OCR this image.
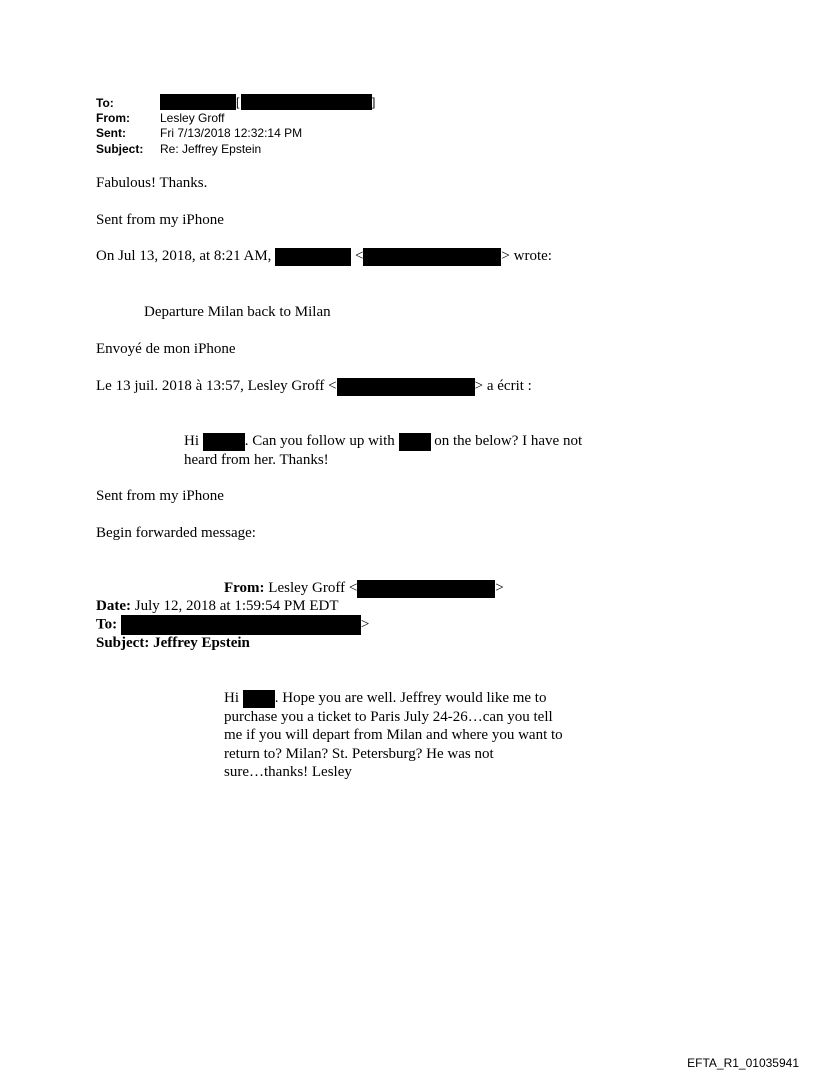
To:	[	]
From:	Lesley Groff
Sent:	Fri 7/13/2018 12:32:14 PM
Subject: Re: Jeffrey Epstein
Fabulous! Thanks.
Sent from my iPhone
On Jul 13, 2018, at 8:21 AM,	<	> wrote:
Departure Milan back to Milan
Envoyé de mon iPhone
Le 13 juil. 2018 à 13:57, Lesley Groff <	> a écrit :
Hi	. Can you follow up with	on the below? I have not
heard from her. Thanks!
Sent from my iPhone
Begin forwarded message:
From: Lesley Groff <	>
Date: July 12, 2018 at 1:59:54 PM EDT
To:	>
Subject: Jeffrey Epstein
Hi . Hope you are well. Jeffrey would like me to
purchase you a ticket to Paris July 24-26…can you tell
me if you will depart from Milan and where you want to
return to? Milan? St. Petersburg? He was not
sure…thanks! Lesley
EFTA_R1_01035941
